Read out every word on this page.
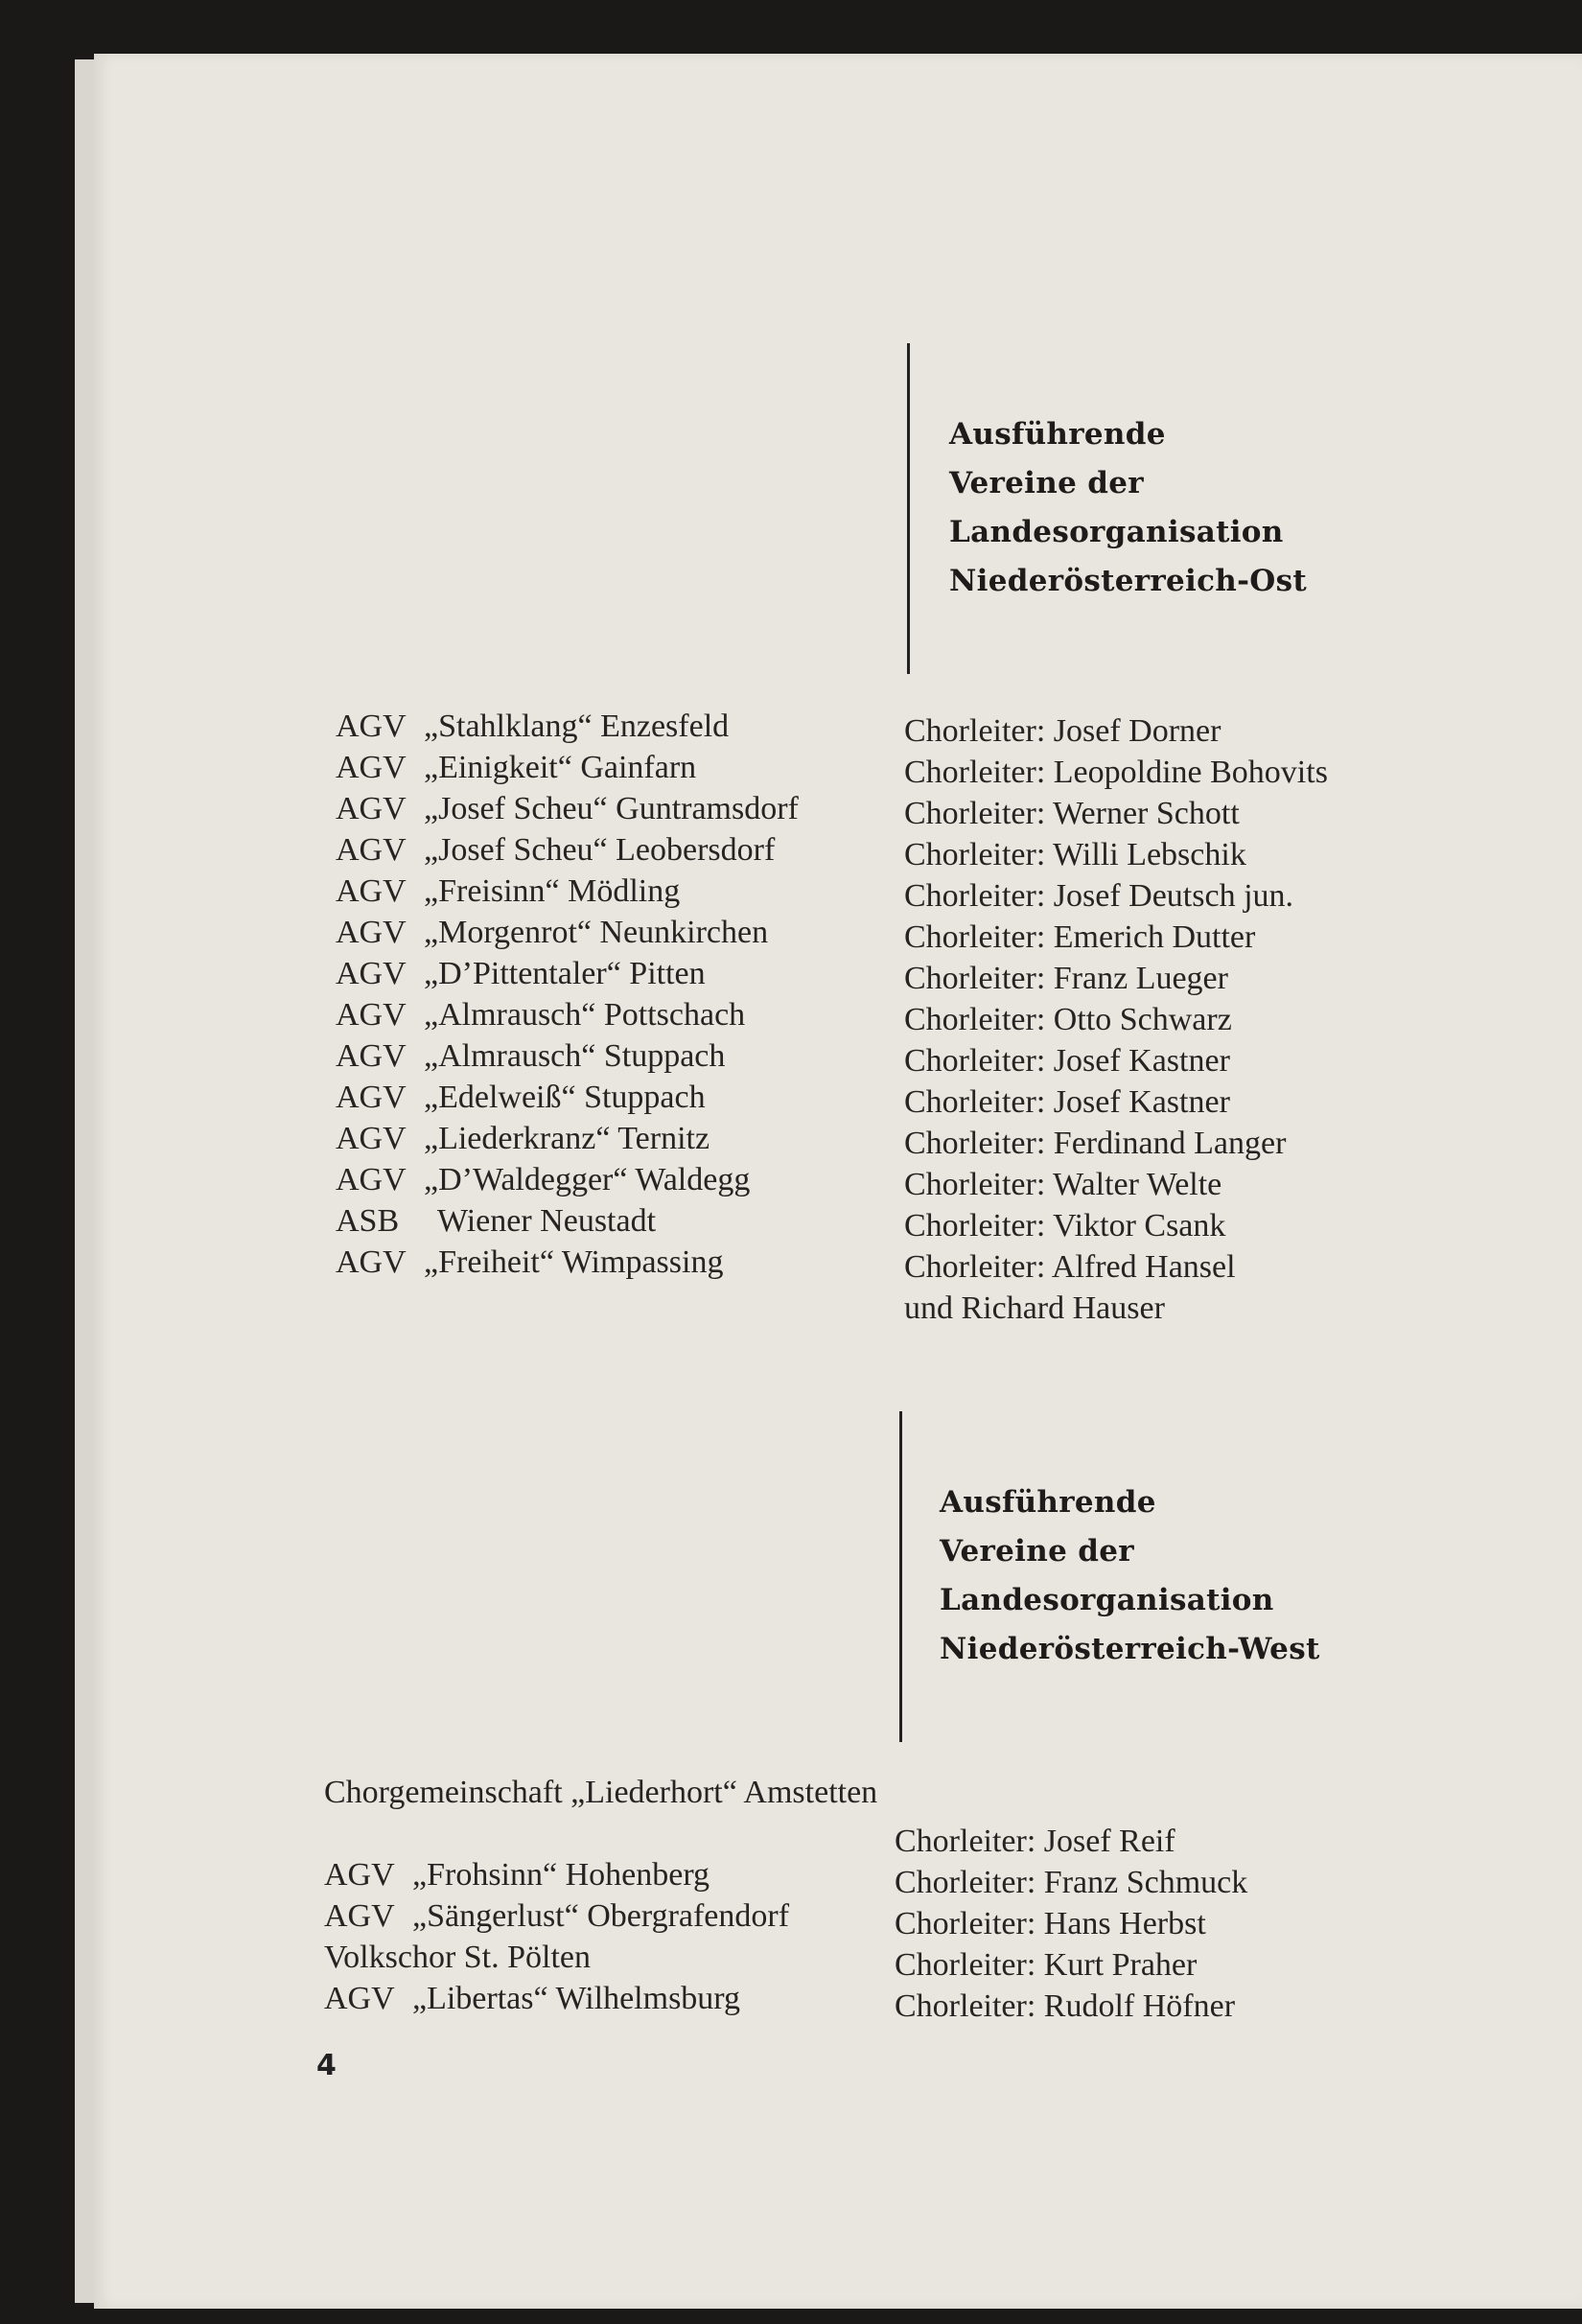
Ausführende
Vereine der
Landesorganisation
Niederösterreich-Ost
AGV „Stahlklang“ Enzesfeld
AGV „Einigkeit“ Gainfarn
AGV „Josef Scheu“ Guntramsdorf
AGV „Josef Scheu“ Leobersdorf
AGV „Freisinn“ Mödling
AGV „Morgenrot“ Neunkirchen
AGV „D’Pittentaler“ Pitten
AGV „Almrausch“ Pottschach
AGV „Almrausch“ Stuppach
AGV „Edelweiß“ Stuppach
AGV „Liederkranz“ Ternitz
AGV „D’Waldegger“ Waldegg
ASB Wiener Neustadt
AGV „Freiheit“ Wimpassing
Chorleiter: Josef Dorner
Chorleiter: Leopoldine Bohovits
Chorleiter: Werner Schott
Chorleiter: Willi Lebschik
Chorleiter: Josef Deutsch jun.
Chorleiter: Emerich Dutter
Chorleiter: Franz Lueger
Chorleiter: Otto Schwarz
Chorleiter: Josef Kastner
Chorleiter: Josef Kastner
Chorleiter: Ferdinand Langer
Chorleiter: Walter Welte
Chorleiter: Viktor Csank
Chorleiter: Alfred Hansel
und Richard Hauser
Ausführende
Vereine der
Landesorganisation
Niederösterreich-West
Chorgemeinschaft „Liederhort“ Amstetten
AGV „Frohsinn“ Hohenberg
AGV „Sängerlust“ Obergrafendorf
Volkschor St. Pölten
AGV „Libertas“ Wilhelmsburg
Chorleiter: Josef Reif
Chorleiter: Franz Schmuck
Chorleiter: Hans Herbst
Chorleiter: Kurt Praher
Chorleiter: Rudolf Höfner
4
